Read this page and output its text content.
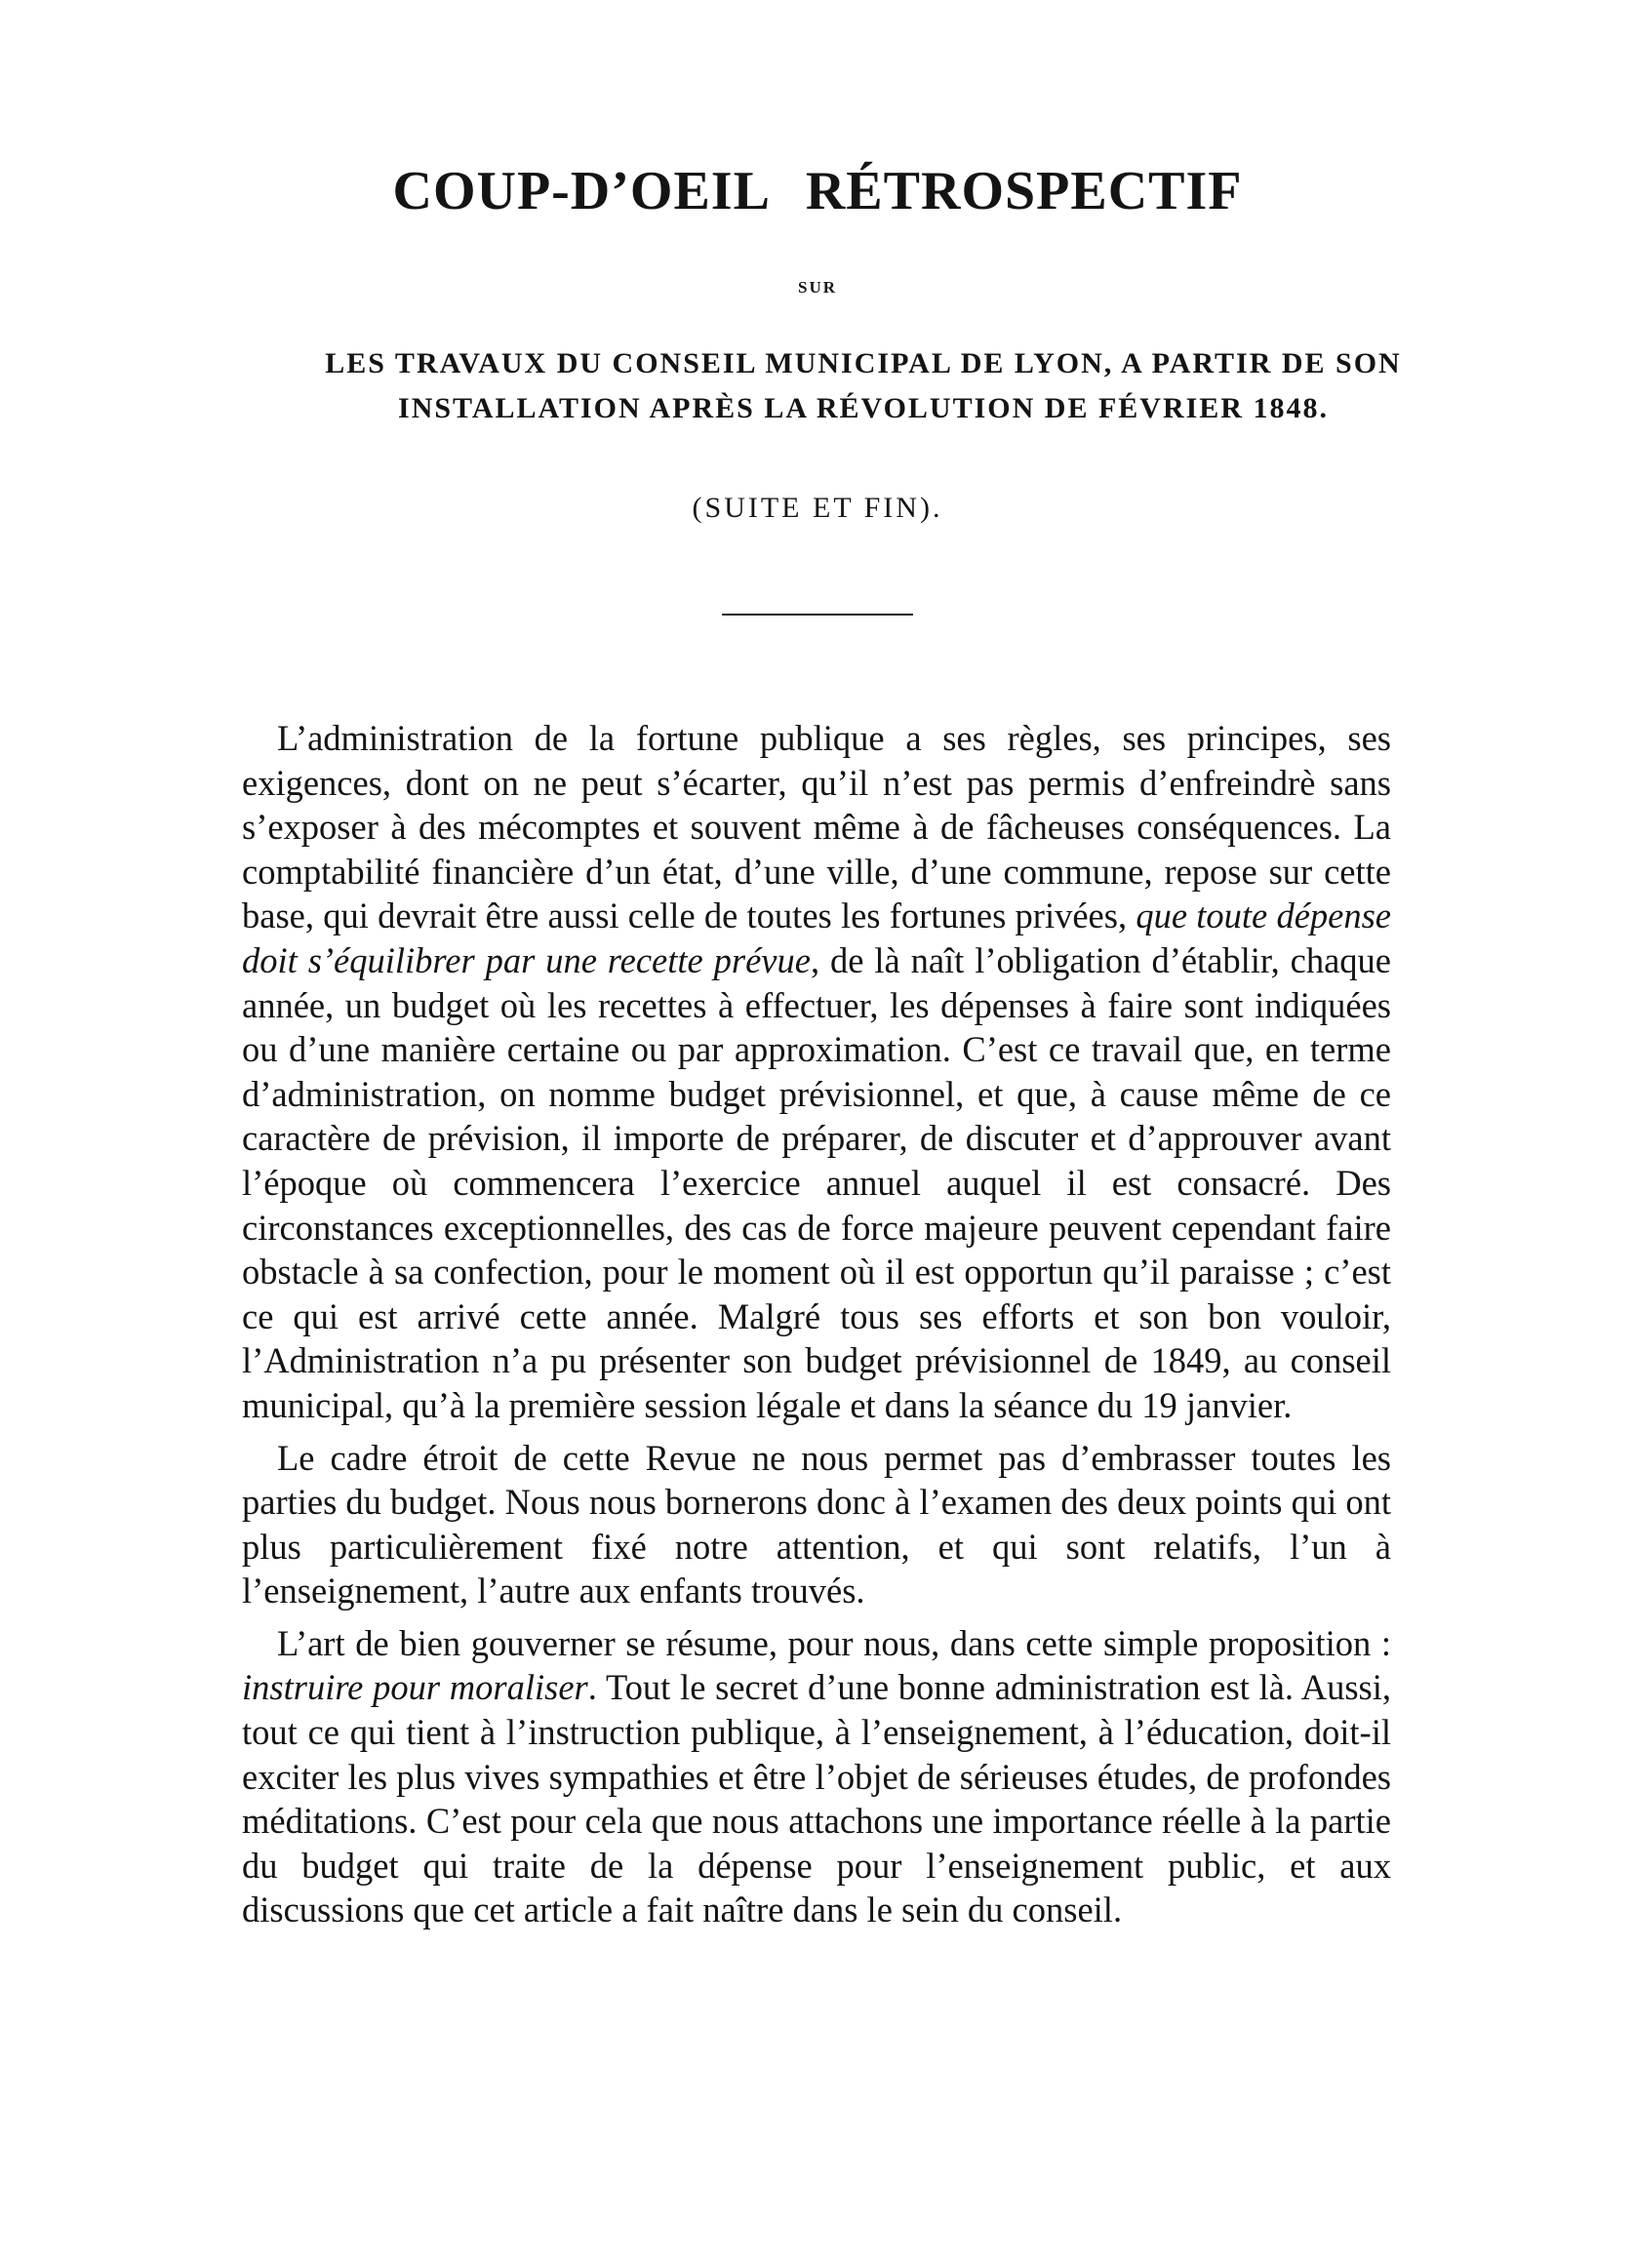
COUP-D’OEIL RÉTROSPECTIF
SUR
LES TRAVAUX DU CONSEIL MUNICIPAL DE LYON, A PARTIR DE SON
INSTALLATION APRÈS LA RÉVOLUTION DE FÉVRIER 1848.
(SUITE ET FIN).

L’administration de la fortune publique a ses règles, ses principes, ses exigences, dont on ne peut s’écarter, qu’il n’est pas permis d’enfreindrè sans s’exposer à des mécomptes et souvent même à de fâcheuses conséquences. La comptabilité financière d’un état, d’une ville, d’une commune, repose sur cette base, qui devrait être aussi celle de toutes les fortunes privées, que toute dépense doit s’équilibrer par une recette prévue, de là naît l’obligation d’établir, chaque année, un budget où les recettes à effectuer, les dépenses à faire sont indiquées ou d’une manière certaine ou par approximation. C’est ce travail que, en terme d’administration, on nomme budget prévisionnel, et que, à cause même de ce caractère de prévision, il importe de préparer, de discuter et d’approuver avant l’époque où commencera l’exercice annuel auquel il est consacré. Des circonstances exceptionnelles, des cas de force majeure peuvent cependant faire obstacle à sa confection, pour le moment où il est opportun qu’il paraisse ; c’est ce qui est arrivé cette année. Malgré tous ses efforts et son bon vouloir, l’Administration n’a pu présenter son budget prévisionnel de 1849, au conseil municipal, qu’à la première session légale et dans la séance du 19 janvier.

Le cadre étroit de cette Revue ne nous permet pas d’embrasser toutes les parties du budget. Nous nous bornerons donc à l’examen des deux points qui ont plus particulièrement fixé notre attention, et qui sont relatifs, l’un à l’enseignement, l’autre aux enfants trouvés.

L’art de bien gouverner se résume, pour nous, dans cette simple proposition : instruire pour moraliser. Tout le secret d’une bonne administration est là. Aussi, tout ce qui tient à l’instruction publique, à l’enseignement, à l’éducation, doit-il exciter les plus vives sympathies et être l’objet de sérieuses études, de profondes méditations. C’est pour cela que nous attachons une importance réelle à la partie du budget qui traite de la dépense pour l’enseignement public, et aux discussions que cet article a fait naître dans le sein du conseil.
